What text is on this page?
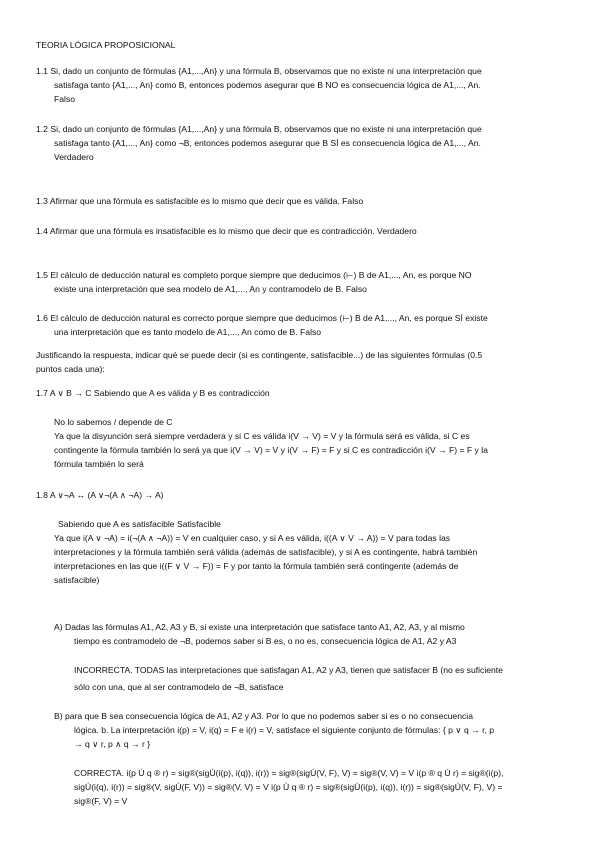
TEORIA LÓGICA PROPOSICIONAL
1.1 Si, dado un conjunto de fórmulas {A1,...,An} y una fórmula B, observamos que no existe ni una interpretación que
satisfaga tanto {A1,..., An} como B, entonces podemos asegurar que B NO es consecuencia lógica de A1,..., An.
Falso
1.2 Si, dado un conjunto de fórmulas {A1,...,An} y una fórmula B, observamos que no existe ni una interpretación que
satisfaga tanto {A1,..., An} como ¬B, entonces podemos asegurar que B SÍ es consecuencia lógica de A1,..., An.
Verdadero
1.3 Afirmar que una fórmula es satisfacible es lo mismo que decir que es válida. Falso
1.4 Afirmar que una fórmula es insatisfacible es lo mismo que decir que es contradicción. Verdadero
1.5 El cálculo de deducción natural es completo porque siempre que deducimos (⊢) B de A1,..., An, es porque NO
existe una interpretación que sea modelo de A1,..., An y contramodelo de B. Falso
1.6 El cálculo de deducción natural es correcto porque siempre que deducimos (⊢) B de A1,..., An, es porque SÍ existe
una interpretación que es tanto modelo de A1,..., An como de B. Falso
Justificando la respuesta, indicar qué se puede decir (si es contingente, satisfacible...) de las siguientes fórmulas (0.5
puntos cada una):
1.7 A ∨ B → C Sabiendo que A es válida y B es contradicción
No lo sabemos / depende de C
Ya que la disyunción será siempre verdadera y si C es válida i(V → V) = V y la fórmula será es válida, si C es
contingente la fórmula también lo será ya que i(V → V) = V y i(V → F) = F y si C es contradicción i(V → F) = F y la
fórmula también lo será
1.8 A ∨¬A ↔ (A ∨¬(A ∧ ¬A) → A)
Sabiendo que A es satisfacible Satisfacible
Ya que i(A ∨ ¬A) = i(¬(A ∧ ¬A)) = V en cualquier caso, y si A es válida, i((A ∨ V → A)) = V para todas las
interpretaciones y la fórmula también será válida (además de satisfacible), y si A es contingente, habrá también
interpretaciones en las que i((F ∨ V → F)) = F y por tanto la fórmula también será contingente (además de
satisfacible)
A) Dadas las fórmulas A1, A2, A3 y B, si existe una interpretación que satisface tanto A1, A2, A3, y al mismo
tiempo es contramodelo de ¬B, podemos saber si B es, o no es, consecuencia lógica de A1, A2 y A3
INCORRECTA. TODAS las interpretaciones que satisfagan A1, A2 y A3, tienen que satisfacer B (no es suficiente
sólo con una, que al ser contramodelo de ¬B, satisface
B) para que B sea consecuencia lógica de A1, A2 y A3. Por lo que no podemos saber si es o no consecuencia
lógica. b. La interpretación i(p) = V, i(q) = F e i(r) = V, satisface el siguiente conjunto de fórmulas: { p ∨ q → r, p
→ q ∨ r, p ∧ q → r }
CORRECTA. i(p Ú q ® r) = sig®(sigÚ(i(p), i(q)), i(r)) = sig®(sigÚ(V, F), V) = sig®(V, V) = V i(p ® q Ú r) = sig®(i(p),
sigÚ(i(q), i(r)) = sig®(V, sigÚ(F, V)) = sig®(V, V) = V i(p Ù q ® r) = sig®(sigÙ(i(p), i(q)), i(r)) = sig®(sigÙ(V, F), V) =
sig®(F, V) = V
